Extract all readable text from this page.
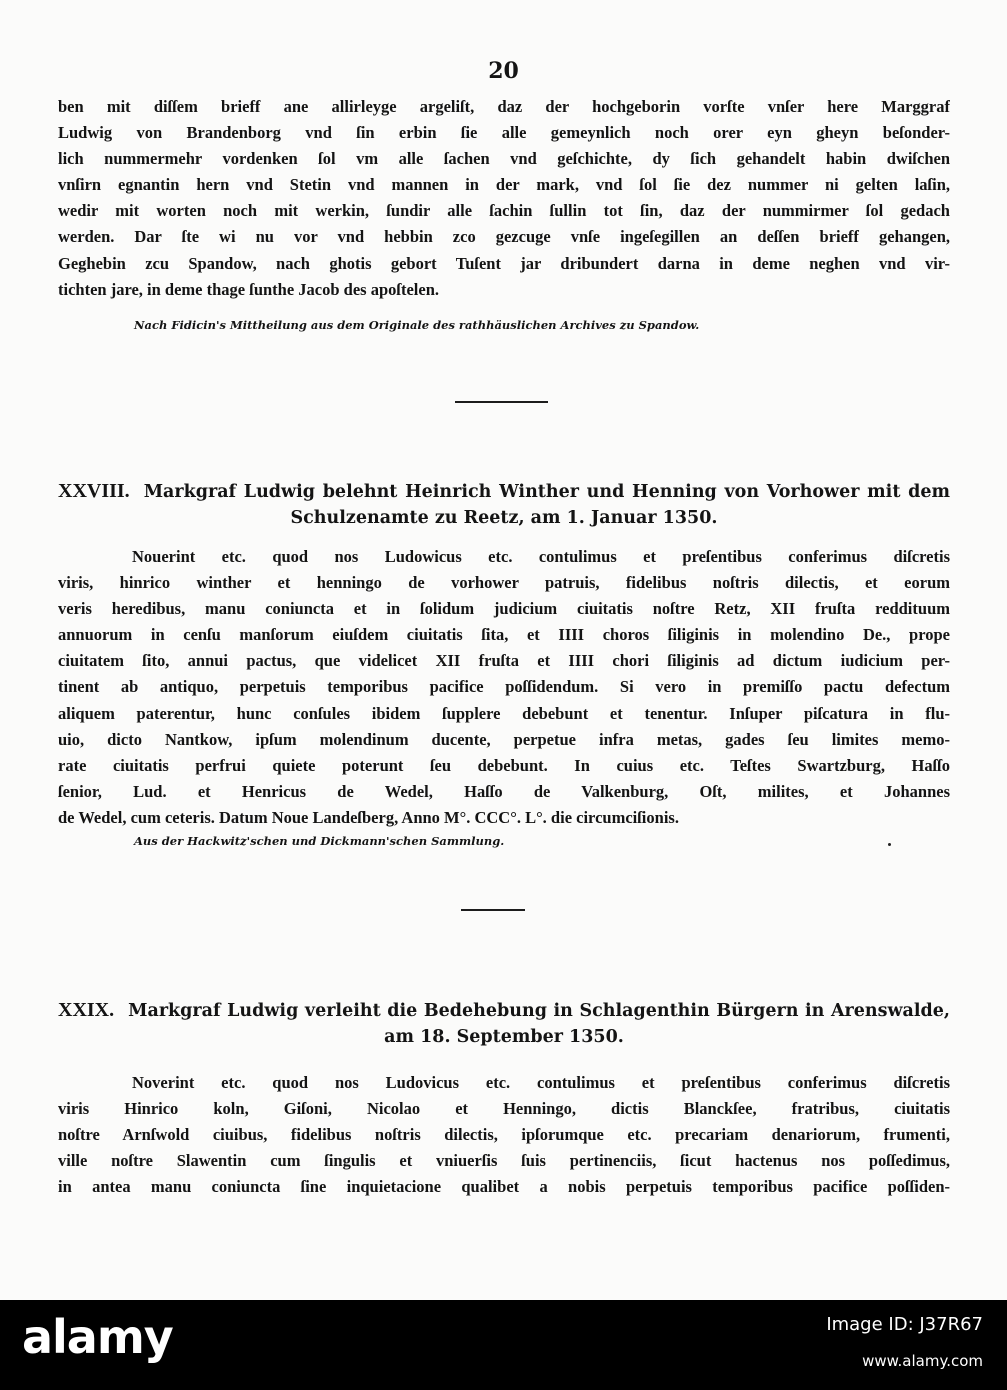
20
ben mit diſſem brieff ane allirleyge argeliſt, daz der hochgeborin vorſte vnſer here Marggraf
Ludwig von Brandenborg vnd ſin erbin ſie alle gemeynlich noch orer eyn gheyn beſonder-
lich nummermehr vordenken ſol vm alle ſachen vnd geſchichte, dy ſich gehandelt habin dwiſchen
vnſirn egnantin hern vnd Stetin vnd mannen in der mark, vnd ſol ſie dez nummer ni gelten laſin,
wedir mit worten noch mit werkin, ſundir alle ſachin ſullin tot ſin, daz der nummirmer ſol gedach
werden. Dar ſte wi nu vor vnd hebbin zco gezcuge vnſe ingeſegillen an deſſen brieff gehangen,
Geghebin zcu Spandow, nach ghotis gebort Tuſent jar dribundert darna in deme neghen vnd vir-
tichten jare, in deme thage ſunthe Jacob des apoſtelen.
Nach Fidicin's Mittheilung aus dem Originale des rathhäuslichen Archives zu Spandow.
XXVIII. Markgraf Ludwig belehnt Heinrich Winther und Henning von Vorhower mit dem
Schulzenamte zu Reetz, am 1. Januar 1350.
Nouerint etc. quod nos Ludowicus etc. contulimus et preſentibus conferimus diſcretis
viris, hinrico winther et henningo de vorhower patruis, fidelibus noſtris dilectis, et eorum
veris heredibus, manu coniuncta et in ſolidum judicium ciuitatis noſtre Retz, XII fruſta reddituum
annuorum in cenſu manſorum eiuſdem ciuitatis ſita, et IIII choros ſiliginis in molendino De., prope
ciuitatem ſito, annui pactus, que videlicet XII fruſta et IIII chori ſiliginis ad dictum iudicium per-
tinent ab antiquo, perpetuis temporibus pacifice poſſidendum. Si vero in premiſſo pactu defectum
aliquem paterentur, hunc conſules ibidem ſupplere debebunt et tenentur. Inſuper piſcatura in flu-
uio, dicto Nantkow, ipſum molendinum ducente, perpetue infra metas, gades ſeu limites memo-
rate ciuitatis perfrui quiete poterunt ſeu debebunt. In cuius etc. Teſtes Swartzburg, Haſſo
ſenior, Lud. et Henricus de Wedel, Haſſo de Valkenburg, Oſt, milites, et Johannes
de Wedel, cum ceteris. Datum Noue Landeſberg, Anno M°. CCC°. L°. die circumciſionis.
Aus der Hackwitz'schen und Dickmann'schen Sammlung.
XXIX. Markgraf Ludwig verleiht die Bedehebung in Schlagenthin Bürgern in Arenswalde,
am 18. September 1350.
Noverint etc. quod nos Ludovicus etc. contulimus et preſentibus conferimus diſcretis
viris Hinrico koln, Giſoni, Nicolao et Henningo, dictis Blanckſee, fratribus, ciuitatis
noſtre Arnſwold ciuibus, fidelibus noſtris dilectis, ipſorumque etc. precariam denariorum, frumenti,
ville noſtre Slawentin cum ſingulis et vniuerſis ſuis pertinenciis, ſicut hactenus nos poſſedimus,
in antea manu coniuncta ſine inquietacione qualibet a nobis perpetuis temporibus pacifice poſſiden-
alamy	Image ID: J37R67
www.alamy.com
